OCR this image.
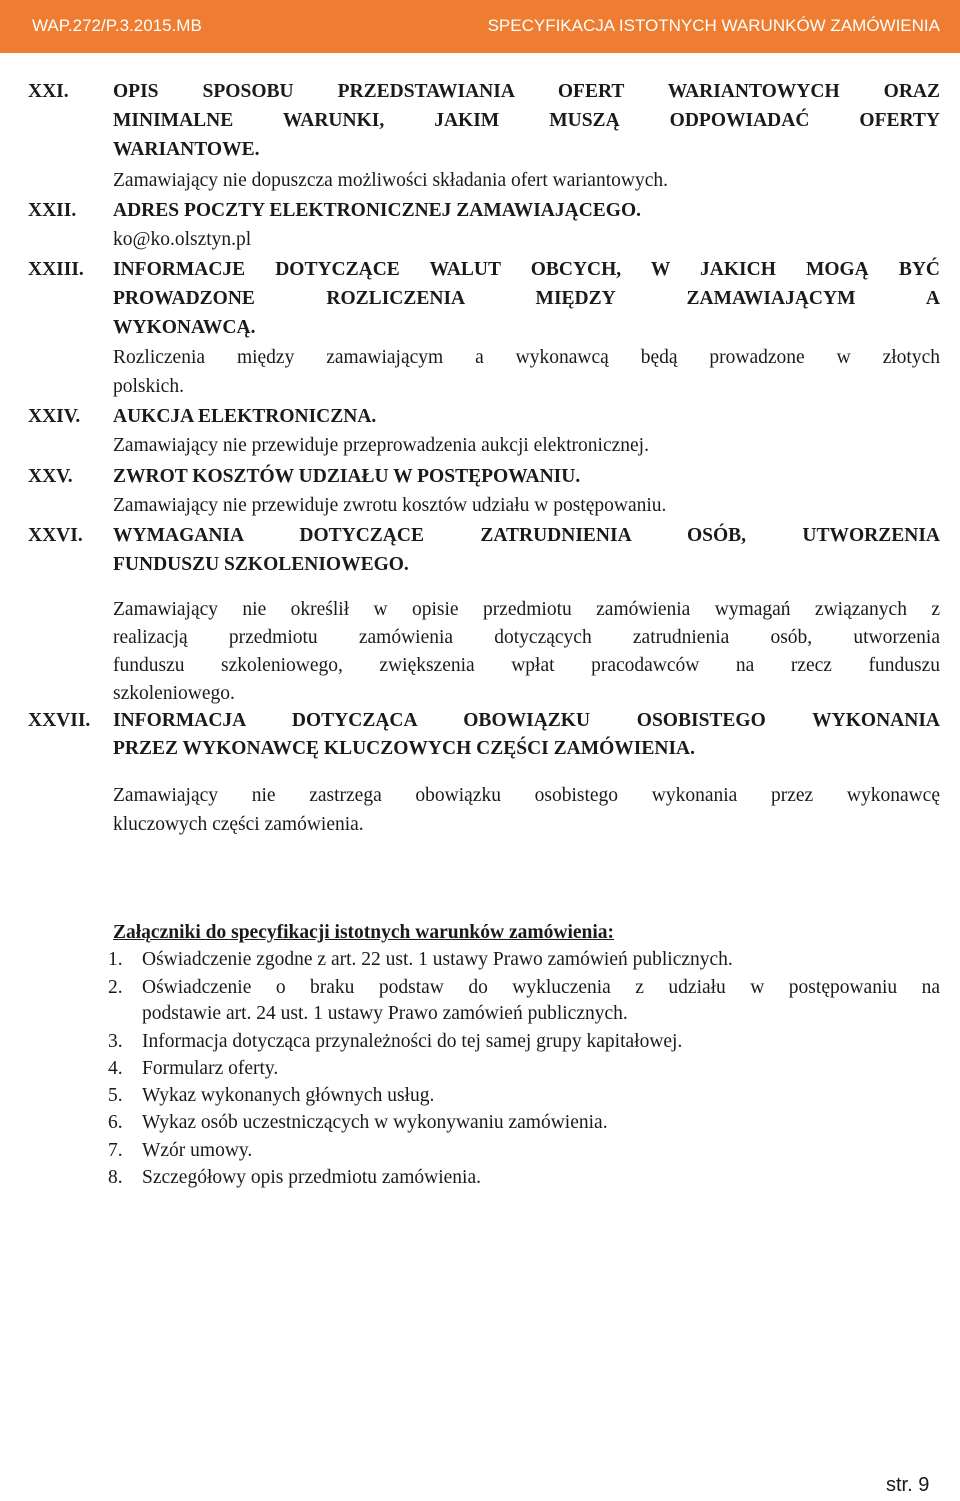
WAP.272/P.3.2015.MB	SPECYFIKACJA ISTOTNYCH WARUNKÓW ZAMÓWIENIA
XXI. OPIS SPOSOBU PRZEDSTAWIANIA OFERT WARIANTOWYCH ORAZ
MINIMALNE WARUNKI, JAKIM MUSZĄ ODPOWIADAĆ OFERTY
WARIANTOWE.
Zamawiający nie dopuszcza możliwości składania ofert wariantowych.
XXII. ADRES POCZTY ELEKTRONICZNEJ ZAMAWIAJĄCEGO.
ko@ko.olsztyn.pl
XXIII. INFORMACJE DOTYCZĄCE WALUT OBCYCH, W JAKICH MOGĄ BYĆ
PROWADZONE ROZLICZENIA MIĘDZY ZAMAWIAJĄCYM A
WYKONAWCĄ.
Rozliczenia między zamawiającym a wykonawcą będą prowadzone w złotych
polskich.
XXIV. AUKCJA ELEKTRONICZNA.
Zamawiający nie przewiduje przeprowadzenia aukcji elektronicznej.
XXV. ZWROT KOSZTÓW UDZIAŁU W POSTĘPOWANIU.
Zamawiający nie przewiduje zwrotu kosztów udziału w postępowaniu.
XXVI. WYMAGANIA DOTYCZĄCE ZATRUDNIENIA OSÓB, UTWORZENIA
FUNDUSZU SZKOLENIOWEGO.
Zamawiający nie określił w opisie przedmiotu zamówienia wymagań związanych z
realizacją przedmiotu zamówienia dotyczących zatrudnienia osób, utworzenia
funduszu szkoleniowego, zwiększenia wpłat pracodawców na rzecz funduszu
szkoleniowego.
XXVII. INFORMACJA DOTYCZĄCA OBOWIĄZKU OSOBISTEGO WYKONANIA
PRZEZ WYKONAWCĘ KLUCZOWYCH CZĘŚCI ZAMÓWIENIA.
Zamawiający nie zastrzega obowiązku osobistego wykonania przez wykonawcę
kluczowych części zamówienia.
Załączniki do specyfikacji istotnych warunków zamówienia:
1. Oświadczenie zgodne z art. 22 ust. 1 ustawy Prawo zamówień publicznych.
2. Oświadczenie o braku podstaw do wykluczenia z udziału w postępowaniu na
podstawie art. 24 ust. 1 ustawy Prawo zamówień publicznych.
3. Informacja dotycząca przynależności do tej samej grupy kapitałowej.
4. Formularz oferty.
5. Wykaz wykonanych głównych usług.
6. Wykaz osób uczestniczących w wykonywaniu zamówienia.
7. Wzór umowy.
8. Szczegółowy opis przedmiotu zamówienia.
str. 9
